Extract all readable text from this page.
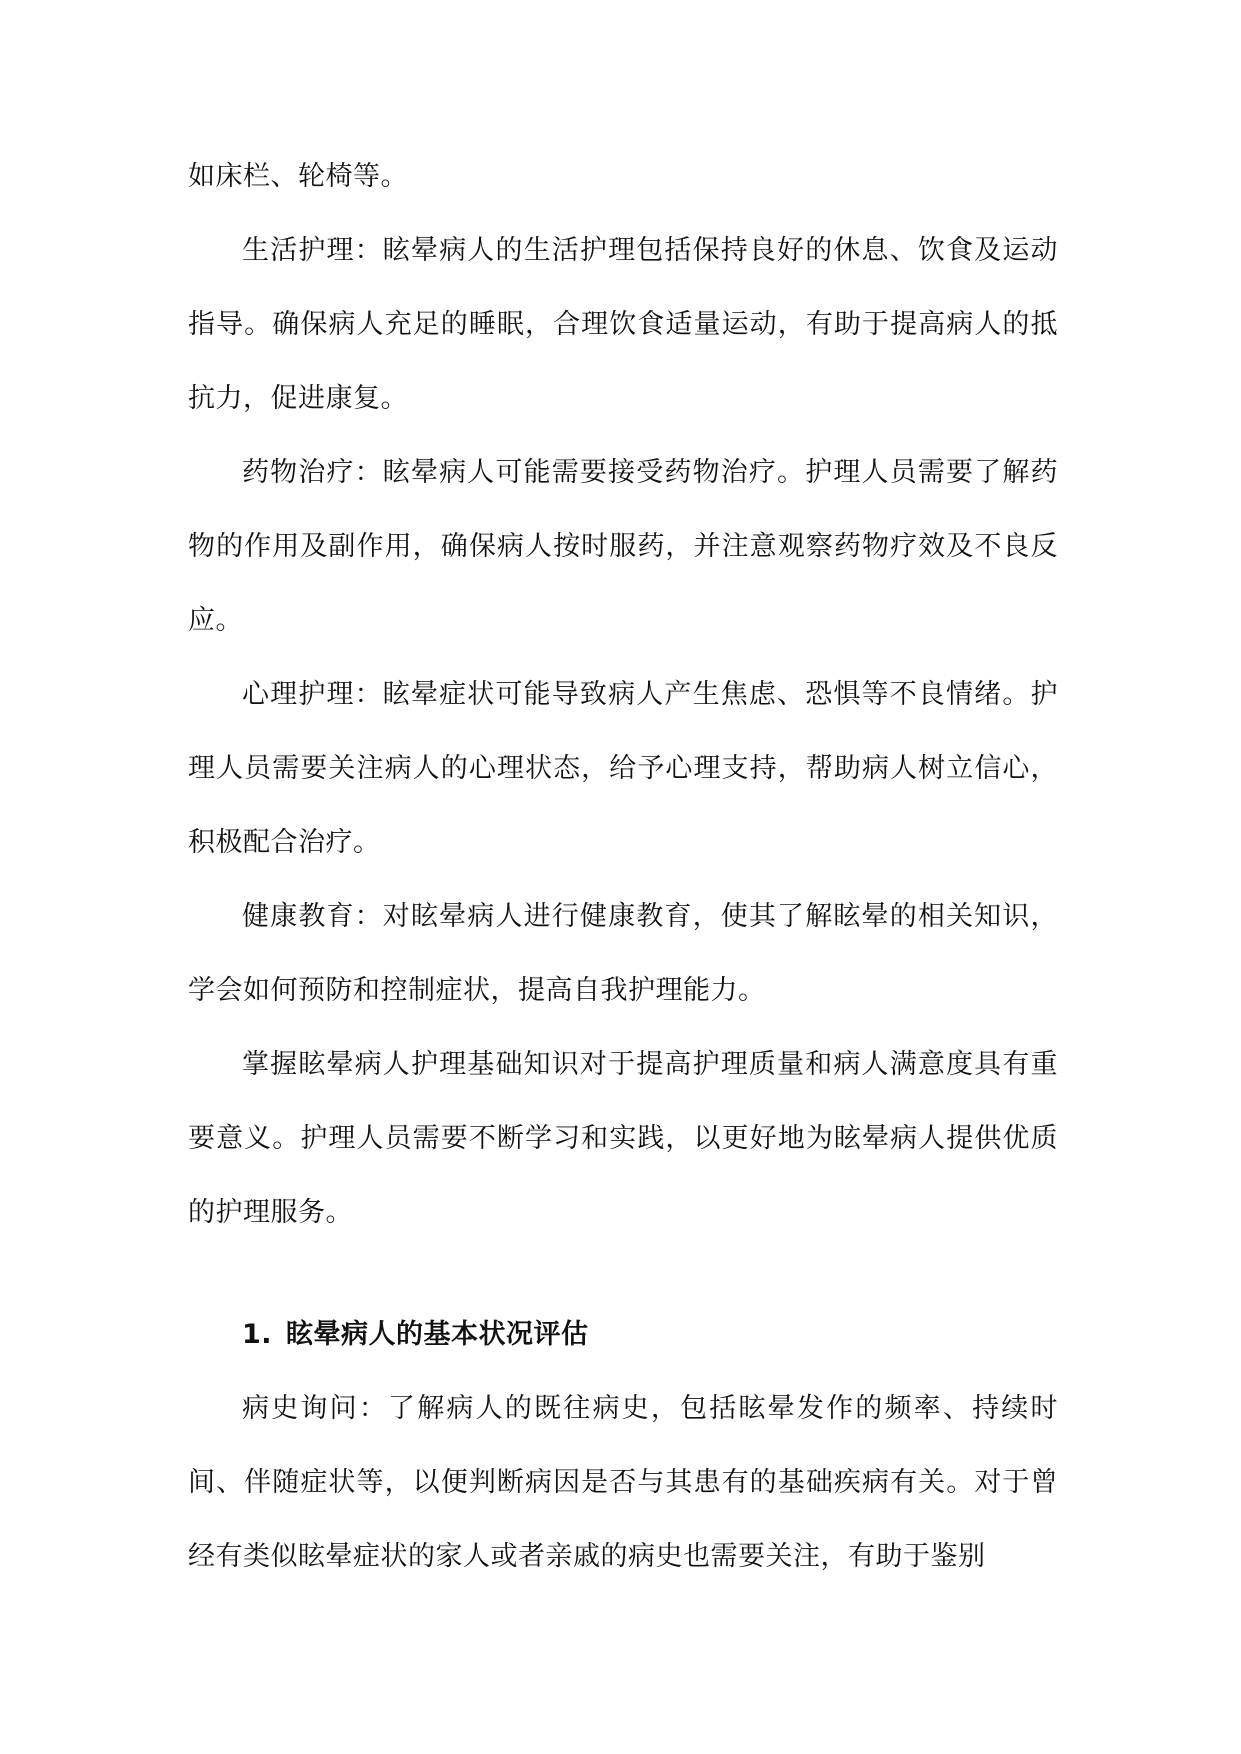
如床栏、轮椅等。

生活护理：眩晕病人的生活护理包括保持良好的休息、饮食及运动指导。确保病人充足的睡眠，合理饮食适量运动，有助于提高病人的抵抗力，促进康复。

药物治疗：眩晕病人可能需要接受药物治疗。护理人员需要了解药物的作用及副作用，确保病人按时服药，并注意观察药物疗效及不良反应。

心理护理：眩晕症状可能导致病人产生焦虑、恐惧等不良情绪。护理人员需要关注病人的心理状态，给予心理支持，帮助病人树立信心，积极配合治疗。

健康教育：对眩晕病人进行健康教育，使其了解眩晕的相关知识，学会如何预防和控制症状，提高自我护理能力。

掌握眩晕病人护理基础知识对于提高护理质量和病人满意度具有重要意义。护理人员需要不断学习和实践，以更好地为眩晕病人提供优质的护理服务。

1. 眩晕病人的基本状况评估

病史询问：了解病人的既往病史，包括眩晕发作的频率、持续时间、伴随症状等，以便判断病因是否与其患有的基础疾病有关。对于曾经有类似眩晕症状的家人或者亲戚的病史也需要关注，有助于鉴别
